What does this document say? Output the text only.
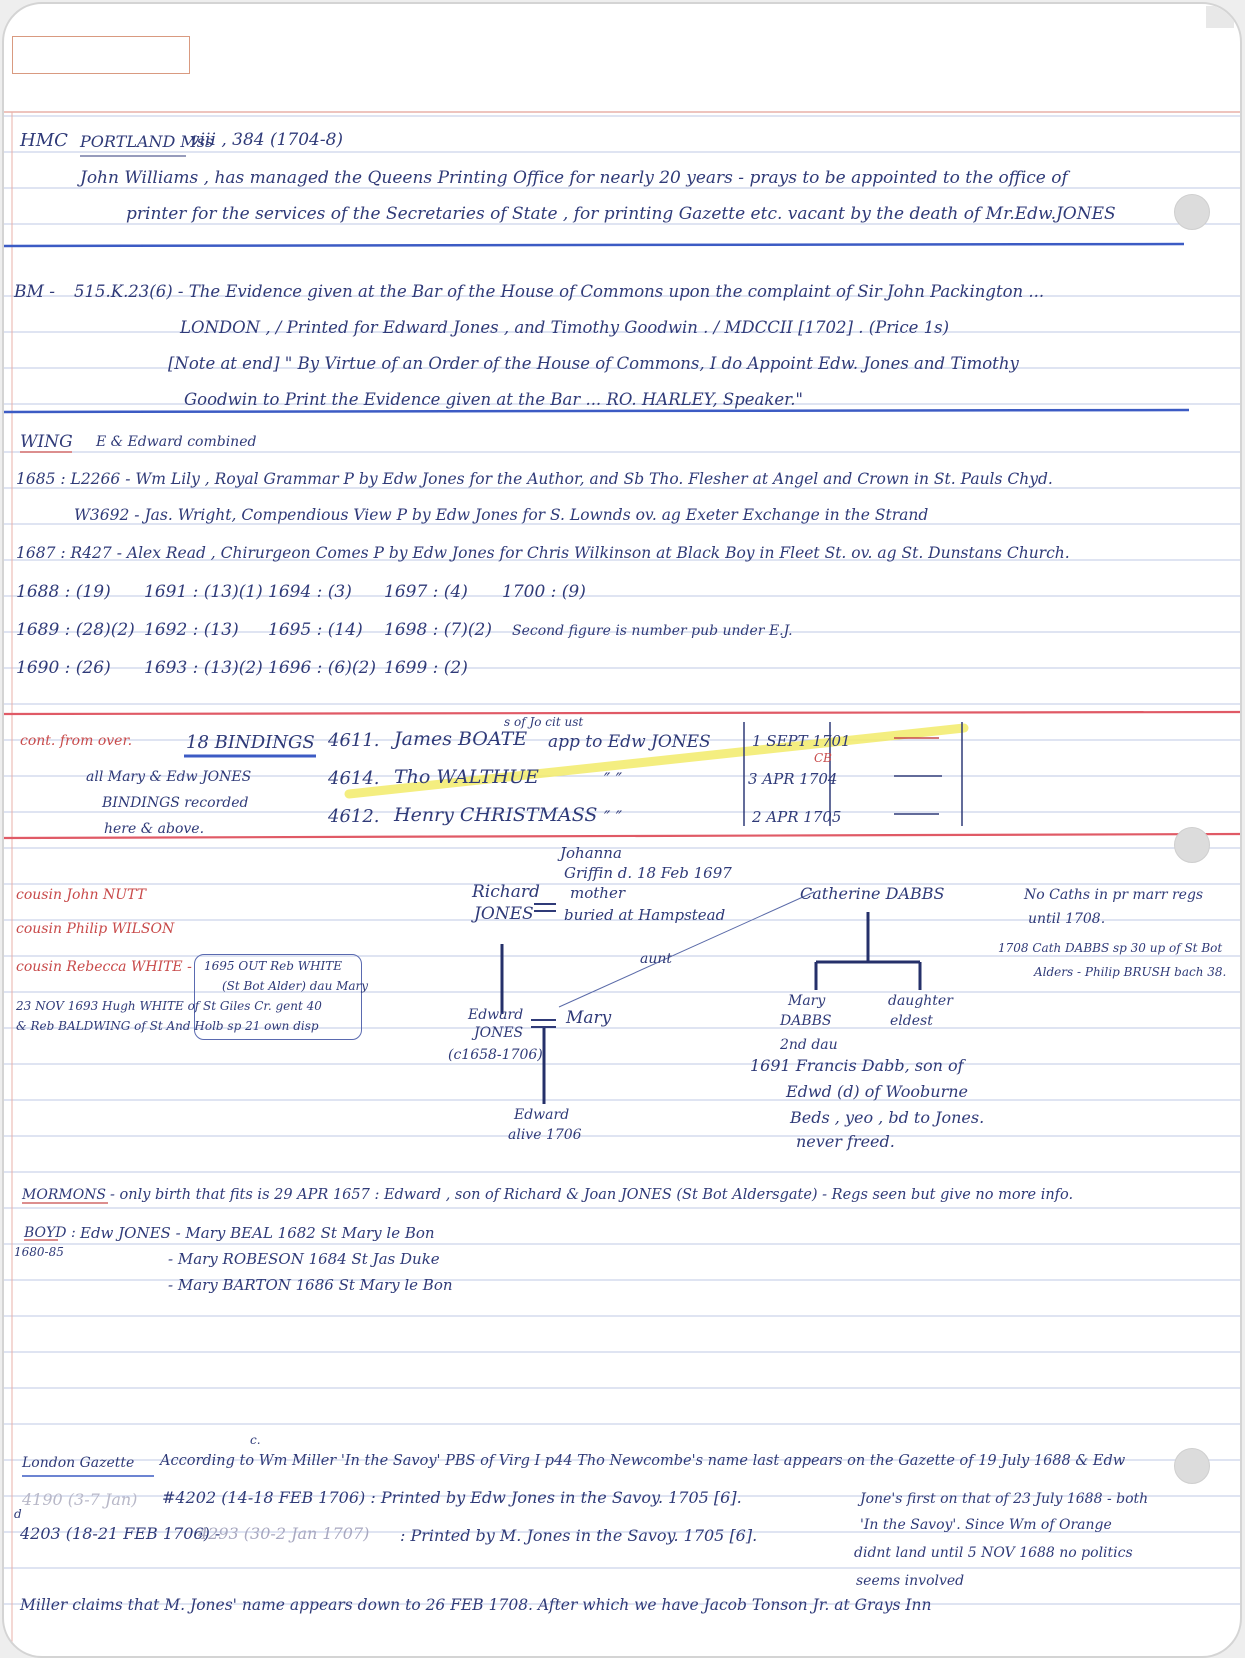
HMC PORTLAND Mss
viii , 384 (1704-8)
John Williams , has managed the Queens Printing Office for nearly 20 years - prays to be appointed to the office of
printer for the services of the Secretaries of State , for printing Gazette etc. vacant by the death of Mr.Edw.JONES
BM - 515.K.23(6) - The Evidence given at the Bar of the House of Commons upon the complaint of Sir John Packington ...
LONDON , / Printed for Edward Jones , and Timothy Goodwin . / MDCCII [1702] . (Price 1s)
[Note at end] " By Virtue of an Order of the House of Commons, I do Appoint Edw. Jones and Timothy
Goodwin to Print the Evidence given at the Bar ... RO. HARLEY, Speaker."
WING E & Edward combined
1685 : L2266 - Wm Lily , Royal Grammar P by Edw Jones for the Author, and Sb Tho. Flesher at Angel and Crown in St. Pauls Chyd.
W3692 - Jas. Wright, Compendious View P by Edw Jones for S. Lownds ov. ag Exeter Exchange in the Strand
1687 : R427 - Alex Read , Chirurgeon Comes P by Edw Jones for Chris Wilkinson at Black Boy in Fleet St. ov. ag St. Dunstans Church.
1688 : (19) 1691 : (13)(1) 1694 : (3) 1697 : (4) 1700 : (9)
1689 : (28)(2) 1692 : (13) 1695 : (14) 1698 : (7)(2) Second figure is number pub under E.J.
1690 : (26) 1693 : (13)(2) 1696 : (6)(2) 1699 : (2)
cont. from over.	18 BINDINGS
all Mary & Edw JONES
BINDINGS recorded
here & above.
s of Jo cit ust
CB
4611. James BOATE app to Edw JONES	1 SEPT 1701
4614. Tho WALTHUE	″ ″	3 APR 1704
4612. Henry CHRISTMASS ″ ″	2 APR 1705
cousin John NUTT
cousin Philip WILSON
cousin Rebecca WHITE - 1695 OUT Reb WHITE
(St Bot Alder) dau Mary
23 NOV 1693 Hugh WHITE of St Giles Cr. gent 40
& Reb BALDWING of St And Holb sp 21 own disp
Richard
JONES
Johanna
Griffin d. 18 Feb 1697
mother
buried at Hampstead
aunt
Edward
JONES
(c1658-1706)
Mary
Edward
alive 1706
Catherine DABBS
Mary
DABBS
2nd dau
daughter
eldest
1691 Francis Dabb, son of
Edwd (d) of Wooburne
Beds , yeo , bd to Jones.
never freed.
No Caths in pr marr regs
until 1708.
1708 Cath DABBS sp 30 up of St Bot
Alders - Philip BRUSH bach 38.
MORMONS - only birth that fits is 29 APR 1657 : Edward , son of Richard & Joan JONES (St Bot Aldersgate) - Regs seen but give no more info.
BOYD :
1680-85
Edw JONES - Mary BEAL 1682 St Mary le Bon
- Mary ROBESON 1684 St Jas Duke
- Mary BARTON 1686 St Mary le Bon
London Gazette According to Wm Miller 'In the Savoy' PBS of Virg I p44 Tho Newcombe's name last appears on the Gazette of 19 July 1688 & Edw
c.
4190 (3-7 Jan) #4202 (14-18 FEB 1706) : Printed by Edw Jones in the Savoy. 1705 [6].
d
4203 (18-21 FEB 1706) -
4293 (30-2 Jan 1707) : Printed by M. Jones in the Savoy. 1705 [6].
Jone's first on that of 23 July 1688 - both
'In the Savoy'. Since Wm of Orange
didnt land until 5 NOV 1688 no politics
seems involved
Miller claims that M. Jones' name appears down to 26 FEB 1708. After which we have Jacob Tonson Jr. at Grays Inn
